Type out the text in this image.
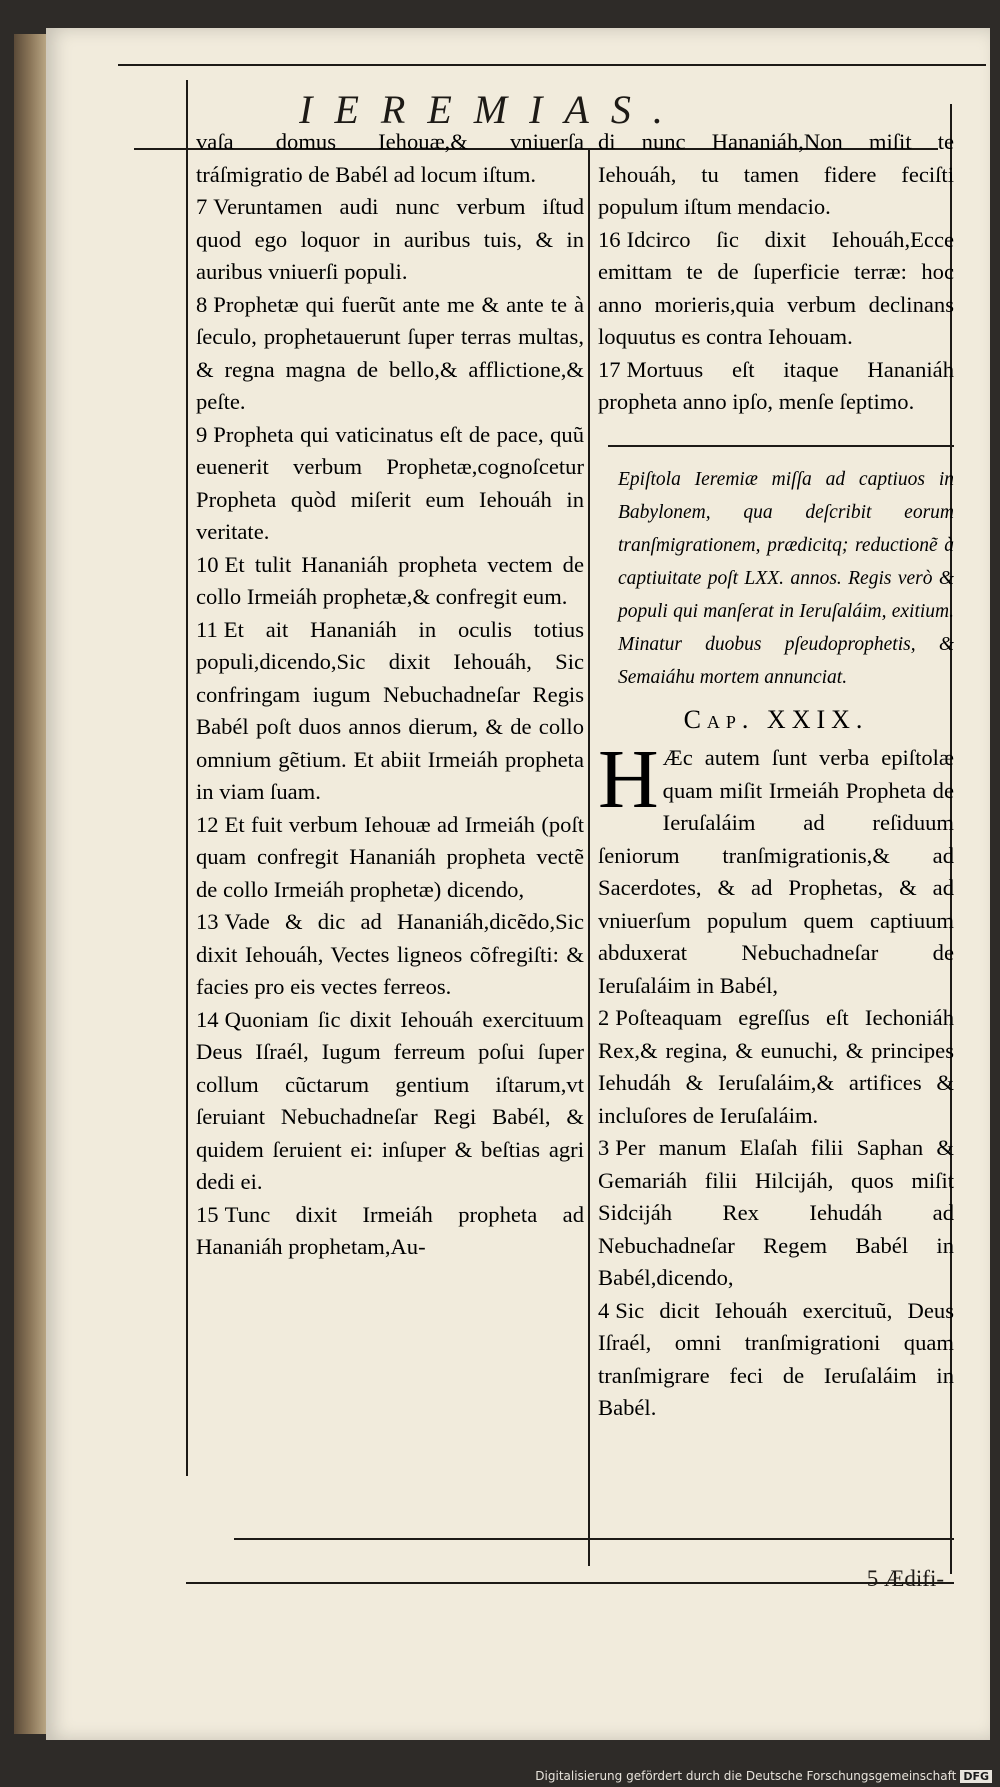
IEREMIAS.
5 Ædifi-

vaſa domus Iehouæ,& vniuerſa tráſmigratio de Babél ad locum iſtum.

7 Veruntamen audi nunc verbum iſtud quod ego loquor in auribus tuis, & in auribus vniuerſi populi.

8 Prophetæ qui fuerũt ante me & ante te à ſeculo, prophetauerunt ſuper terras multas, & regna magna de bello,& afflictione,& peſte.

9 Propheta qui vaticinatus eſt de pace, quũ euenerit verbum Prophetæ,cognoſcetur Propheta quòd miſerit eum Iehouáh in veritate.

10 Et tulit Hananiáh propheta vectem de collo Irmeiáh prophetæ,& confregit eum.

11 Et ait Hananiáh in oculis totius populi,dicendo,Sic dixit Iehouáh, Sic confringam iugum Nebuchadneſar Regis Babél poſt duos annos dierum, & de collo omnium gẽtium. Et abiit Irmeiáh propheta in viam ſuam.

12 Et fuit verbum Iehouæ ad Irmeiáh (poſt quam confregit Hananiáh propheta vectẽ de collo Irmeiáh prophetæ) dicendo,

13 Vade & dic ad Hananiáh,dicẽdo,Sic dixit Iehouáh, Vectes ligneos cõfregiſti: & facies pro eis vectes ferreos.

14 Quoniam ſic dixit Iehouáh exercituum Deus Iſraél, Iugum ferreum poſui ſuper collum cũctarum gentium iſtarum,vt ſeruiant Nebuchadneſar Regi Babél, & quidem ſeruient ei: inſuper & beſtias agri dedi ei.

15 Tunc dixit Irmeiáh propheta ad Hananiáh prophetam,Au-

di nunc Hananiáh,Non miſit te Iehouáh, tu tamen fidere feciſti populum iſtum mendacio.

16 Idcirco ſic dixit Iehouáh,Ecce emittam te de ſuperficie terræ: hoc anno morieris,quia verbum declinans loquutus es contra Iehouam.

17 Mortuus eſt itaque Hananiáh propheta anno ipſo, menſe ſeptimo.

Epiſtola Ieremiæ miſſa ad captiuos in Babylonem, qua deſcribit eorum tranſmigrationem, prædicitq; reductionẽ à captiuitate poſt LXX. annos. Regis verò & populi qui manſerat in Ieruſaláim, exitium. Minatur duobus pſeudoprophetis, & Semaiáhu mortem annunciat.
Cap. XXIX.
H Æc autem ſunt verba epiſtolæ quam miſit Irmeiáh Propheta de Ieruſaláim ad reſiduum ſeniorum tranſmigrationis,& ad Sacerdotes, & ad Prophetas, & ad vniuerſum populum quem captiuum abduxerat Nebuchadneſar de Ieruſaláim in Babél,

2 Poſteaquam egreſſus eſt Iechoniáh Rex,& regina, & eunuchi, & principes Iehudáh & Ieruſaláim,& artifices & incluſores de Ieruſaláim.

3 Per manum Elaſah filii Saphan & Gemariáh filii Hilcijáh, quos miſit Sidcijáh Rex Iehudáh ad Nebuchadneſar Regem Babél in Babél,dicendo,

4 Sic dicit Iehouáh exercituũ, Deus Iſraél, omni tranſmigrationi quam tranſmigrare feci de Ieruſaláim in Babél.

Digitalisierung gefördert durch die Deutsche Forschungsgemeinschaft DFG
